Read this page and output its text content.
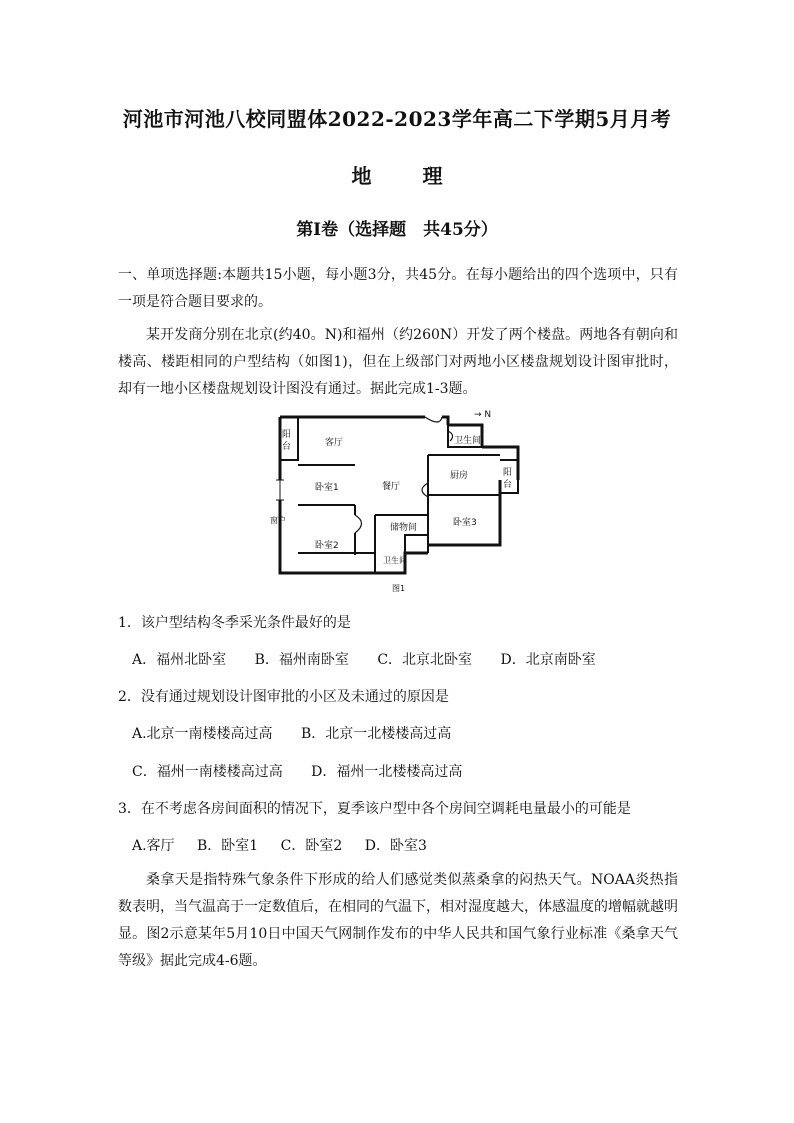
河池市河池八校同盟体2022-2023学年高二下学期5月月考
地	理
第I卷（选择题　共45分）
一、单项选择题:本题共15小题，每小题3分，共45分。在每小题给出的四个选项中，只有一项是符合题目要求的。
某开发商分别在北京(约40。N)和福州（约260N）开发了两个楼盘。两地各有朝向和楼高、楼距相同的户型结构（如图1)，但在上级部门对两地小区楼盘规划设计图审批时，却有一地小区楼盘规划设计图没有通过。据此完成1-3题。
→ N
阳
台	客厅	卫生间
厨房	阳
台
卧室1	餐厅
储物间	卧室3
窗户
卧室2
卫生间
图1
1．该户型结构冬季采光条件最好的是
A．福州北卧室 B．福州南卧室 C．北京北卧室 D．北京南卧室
2．没有通过规划设计图审批的小区及未通过的原因是
A.北京一南楼楼高过高 B．北京一北楼楼高过高
C．福州一南楼楼高过高 D．福州一北楼楼高过高
3．在不考虑各房间面积的情况下，夏季该户型中各个房间空调耗电量最小的可能是
A.客厅 B．卧室1 C．卧室2 D．卧室3
桑拿天是指特殊气象条件下形成的给人们感觉类似蒸桑拿的闷热天气。NOAA炎热指数表明，当气温高于一定数值后，在相同的气温下，相对湿度越大，体感温度的增幅就越明显。图2示意某年5月10日中国天气网制作发布的中华人民共和国气象行业标准《桑拿天气等级》据此完成4-6题。
